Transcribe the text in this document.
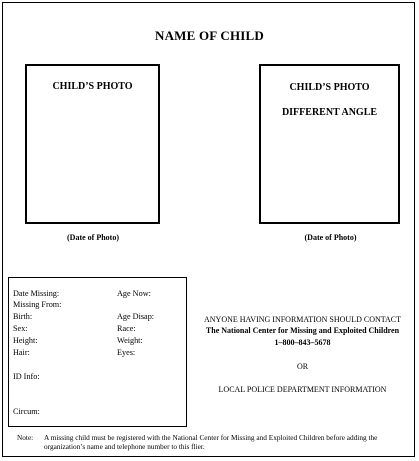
NAME OF CHILD
CHILD’S PHOTO	CHILD’S PHOTO
DIFFERENT ANGLE
(Date of Photo)	(Date of Photo)
Date Missing:
Missing From:
Birth:
Sex:
Height:
Hair:
ID Info:
Circum:
Age Now:
Age Disap:
Race:
Weight:
Eyes:
ANYONE HAVING INFORMATION SHOULD CONTACT
The National Center for Missing and Exploited Children
1–800–843–5678
OR
LOCAL POLICE DEPARTMENT INFORMATION
Note: A missing child must be registered with the National Center for Missing and Exploited Children before adding the organization’s name and telephone number to this flier.
